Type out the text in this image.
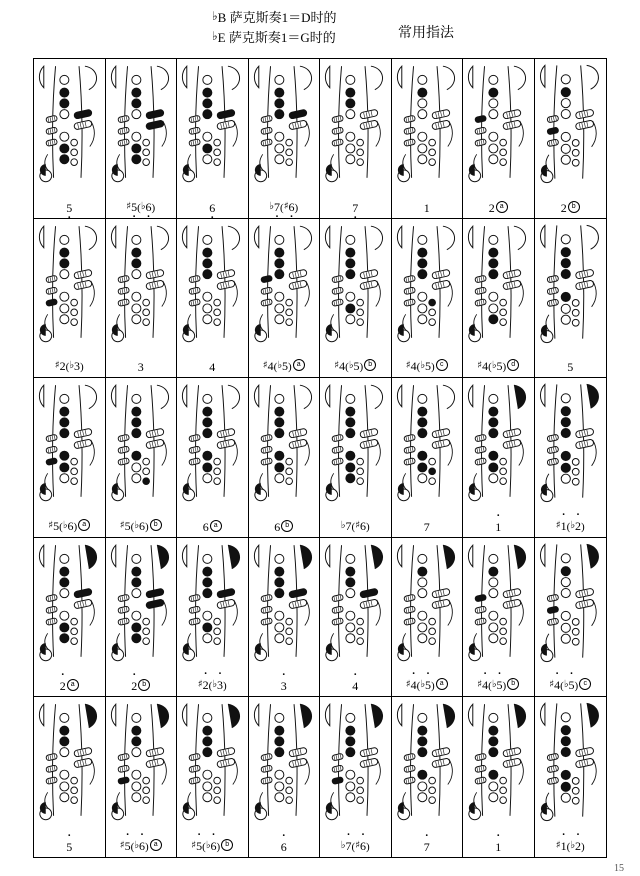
♭B 萨克斯奏1＝D时的
♭E 萨克斯奏1＝G时的	常用指法
5 ·	♯5 ·(♭6 ·)	6 ·	♭7 ·(♯6 ·)	7 ·	1	2 a	2 b
♯2(♭3)	3	4	♯4(♭5) a	♯4(♭5) b	♯4(♭5) c	♯4(♭5) d	5
♯5(♭6) a	♯5(♭6) b	6 a	6 b	♭7(♯6)	7	1 ·	♯1 ·(♭2 ·)
2 · a	2 · b	♯2 ·(♭3 ·)	3 ·	4 ·	♯4 ·(♭5 ·) a	♯4 ·(♭5 ·) b	♯4 ·(♭5 ·) c
5 ·	♯5 ·(♭6 ·) a	♯5 ·(♭6 ·) b	6 ·	♭7 ·(♯6 ·)	7 ·	1 ·	♯1 ·(♭2 ·)
15
